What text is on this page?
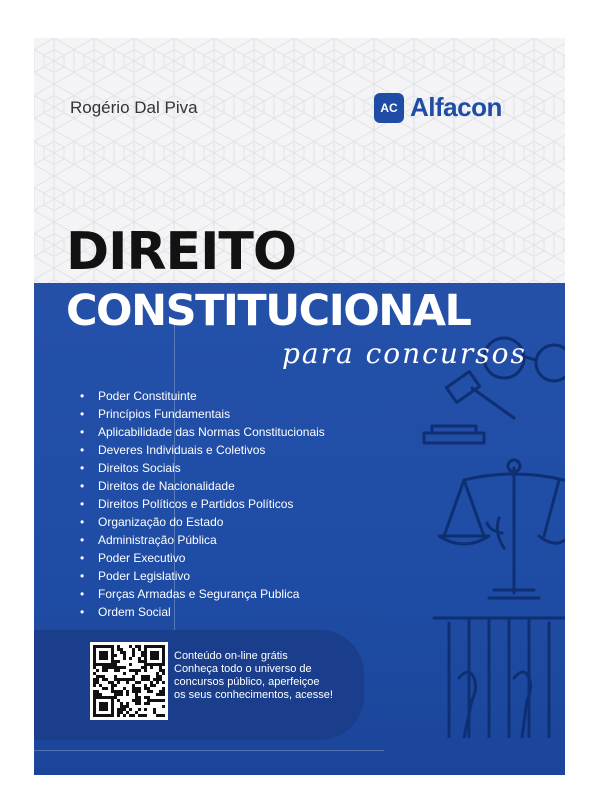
Rogério Dal Piva	AC Alfacon
DIREITO
CONSTITUCIONAL
para concursos
• Poder Constituinte
• Princípios Fundamentais
• Aplicabilidade das Normas Constitucionais
• Deveres Individuais e Coletivos
• Direitos Sociais
• Direitos de Nacionalidade
• Direitos Políticos e Partidos Políticos
• Organização do Estado
• Administração Pública
• Poder Executivo
• Poder Legislativo
• Forças Armadas e Segurança Publica
• Ordem Social
Conteúdo on-line grátis
Conheça todo o universo de
concursos público, aperfeiçoe
os seus conhecimentos, acesse!
